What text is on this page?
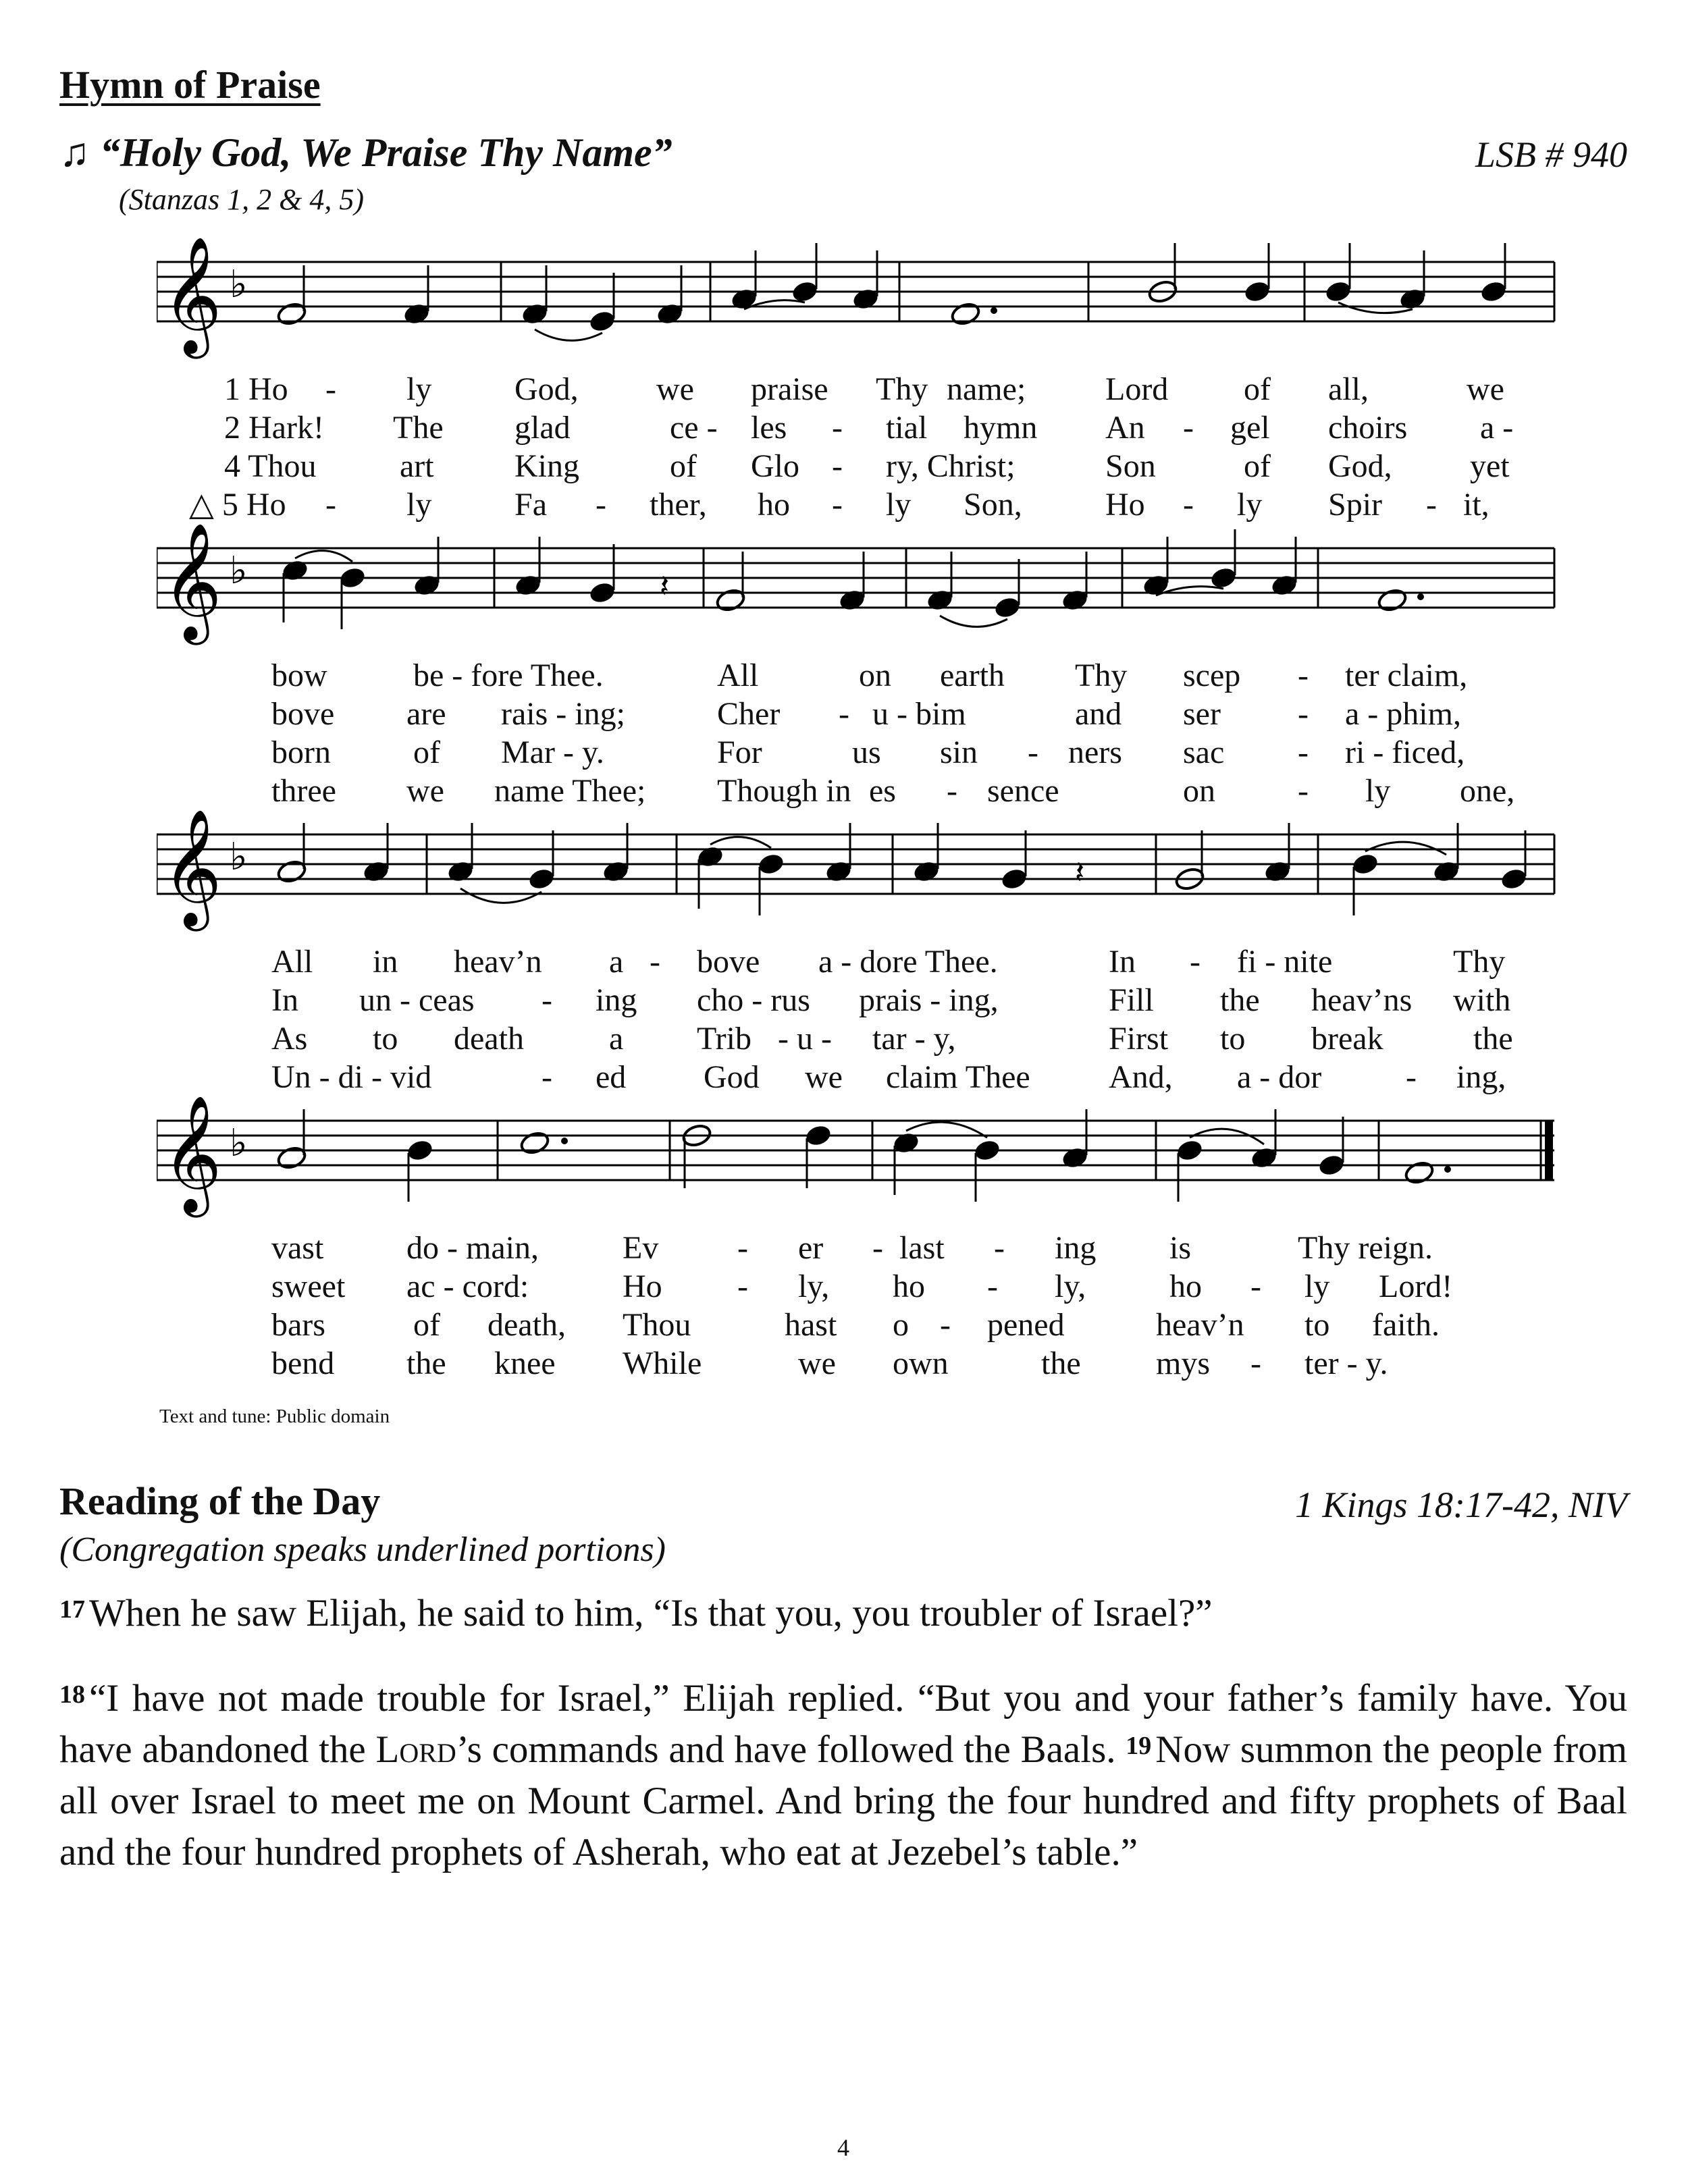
Hymn of Praise
♫ “Holy God, We Praise Thy Name”	LSB # 940
(Stanzas 1, 2 & 4, 5)
𝄞 ♭
1 Ho - ly	God, we praise Thy name; Lord of all,	we
2 Hark! The glad	ce - les - tial hymn An - gel choirs a -
4 Thou	art King	of Glo - ry, Christ;	Son	of God, yet
△ 5 Ho - ly	Fa - ther, ho - ly Son,	Ho - ly Spir - it,
𝄞 ♭	𝄽
bow	be - fore Thee.	All	on earth Thy scep - ter claim,
bove are rais - ing;	Cher - u - bim	and ser - a - phim,
born	of Mar - y.	For	us sin - ners sac - ri - ficed,
three we name Thee; Though in es - sence	on	- ly one,
𝄞 ♭	𝄽
All in heav’n a - bove a - dore Thee.	In - fi - nite	Thy
In un - ceas - ing cho - rus prais - ing,	Fill the heav’ns with
As to death	a Trib - u - tar - y,	First to break	the
Un - di - vid	- ed God we claim Thee And, a - dor	- ing,
𝄞 ♭
vast	do - main,	Ev - er - last - ing is	Thy reign.
sweet ac - cord:	Ho - ly, ho - ly,	ho - ly Lord!
bars	of death, Thou	hast o - pened	heav’n to faith.
bend the knee While	we own	the mys - ter - y.
Text and tune: Public domain
Reading of the Day	1 Kings 18:17-42, NIV
(Congregation speaks underlined portions)

$^{17}$ When he saw Elijah, he said to him, “Is that you, you troubler of Israel?”

$^{18}$ “I have not made trouble for Israel,” Elijah replied. “But you and your father’s family have. You have abandoned the Lord’s commands and have followed the Baals. $^{19}$ Now summon the people from all over Israel to meet me on Mount Carmel. And bring the four hundred and fifty prophets of Baal and the four hundred prophets of Asherah, who eat at Jezebel’s table.”

4
